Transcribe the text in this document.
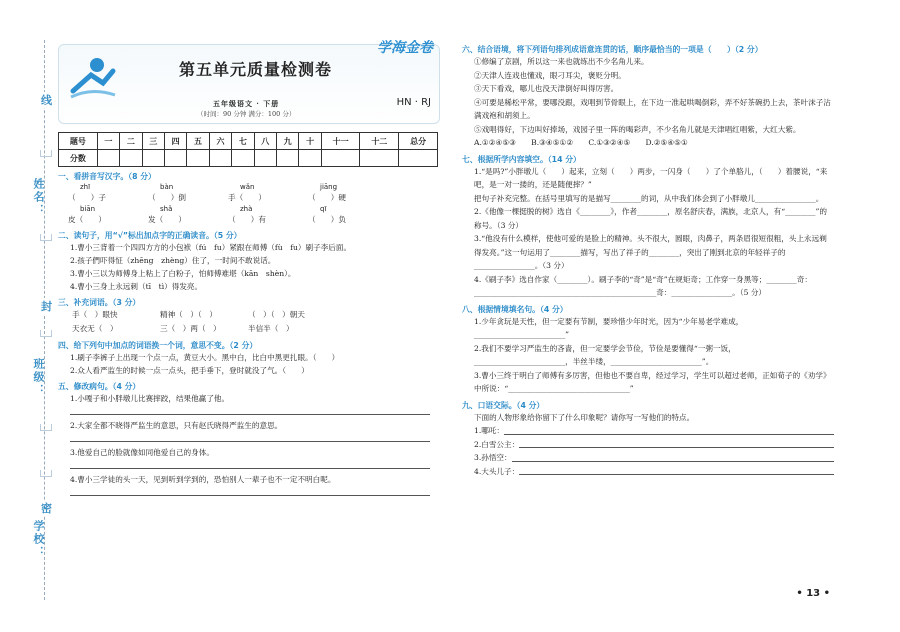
线
姓名：
封
班级：
密
学校：
学海金卷
第五单元质量检测卷
HN · RJ
五年级语文 · 下册
（时间：90 分钟 满分：100 分）
题号	一	二	三	四	五	六	七	八	九	十	十一	十二	总分
分数													
一、看拼音写汉字。（8 分）
zhī	bàn	wǎn	jiāng
（　　）子	（　　）倒	手（　　）	（　　）硬
biān	shǎ	zhà	qī
皮（　　）	发（　　）	（　　）有	（　　）负
二、读句子，用“√”标出加点字的正确读音。（5 分）
1.曹小三背着一个四四方方的小包袱（fú　fu）紧跟在师傅（fù　fu）刷子李后面。
2.孩子們吓得怔（zhēng　zhèng）住了，一时间不敢说话。
3.曹小三以为师傅身上粘上了白粉子，怕师傅难堪（kān　shèn）。
4.曹小三身上永远刺（tī　tì）得发亮。
三、补充词语。（3 分）
手（　）眼快	精神（　）（　）	（　）（　）朝天
天衣无（　）	三（　）两（　）	半信半（　）
四、给下列句中加点的词语换一个词，意思不变。（2 分）
1.刷子李裤子上出现一个点一点，黄豆大小。黑中白，比白中黑更扎眼。（　　）
2.众人看严监生的时候一点一点头，把手垂下，登时就没了气。（　　）
五、修改病句。（4 分）
1.小嘎子和小胖墩儿比赛摔跤，结果他赢了他。
2.大家全都不晓得严监生的意思，只有赵氏晓得严监生的意思。
3.他爱自己的脸就像如同他爱自己的身体。
4.曹小三学徒的头一天，见到听到学到的，恐怕别人一辈子也不一定不明白呢。
六、结合语境，将下列语句排列成语意连贯的话，顺序最恰当的一项是（　　）（2 分）
①修编了京剧，所以这一来也就练出不少名角儿来。
②天津人连戏也懂戏，眼刁耳尖，褒贬分明。
③天下看戏，哪儿也没天津倒好叫得厉害。
④可要是稀松平常，要哪没跟，戏唱到节骨眼上，在下边一准起哄喝倒彩，弄不好茶碗扔上去，茶叶沫子沾满戏袍和胡须上。
⑤戏唱得好，下边叫好捧场，戏园子里一阵的喝彩声，不少名角儿就是天津唱红唱紫，大红大紫。
A.①②④⑤③　　B.③④⑤①②　　C.①③②④⑤　　D.②⑤④⑤①
七、根据所学内容填空。（14 分）
1.“是吗?”小胖墩儿（　　）起来，立刻（　　）两步，一闪身（　　）了个单胳儿，（　　）着腰说，“来吧，是一对一搂的，还是随便摔？”
把句子补充完整。在括号里填写的是描写________的词，从中我们体会到了小胖墩儿________________。
2.《他像一棵挺脱的树》选自《________》，作者________，原名舒庆春，满族，北京人，有“________”的称号。（3 分）
3.“他没有什么模样，使他可爱的是脸上的精神。头不很大，圆眼，肉鼻子，两条眉很短很粗，头上永远剃得发亮。”这一句运用了________描写，写出了祥子的________，突出了刚到北京的年轻祥子的________________。（3 分）
4.《刷子李》选自作家（________）。刷子李的“奇”是“奇”在规矩奇；工作穿一身黑等；________奇：________________________________________________奇：________________。（5 分）
八、根据情境填名句。（4 分）
1.少年贪玩是天性，但一定要有节制，要珍惜少年时光，因为“少年易老学难成，________________________”
2.我们不要学习严监生的吝啬，但一定要学会节俭，节俭是要懂得“一粥一饭，________________________，半丝半缕，________________________”。
3.曹小三终于明白了师傅有多厉害，但他也不要自卑，经过学习，学生可以超过老师，正如荀子的《劝学》中所说：“________________________________”
九、口语交际。（4 分）
下面的人物形象给你留下了什么印象呢？请你写一写他们的特点。
1.哪吒：
2.白雪公主：
3.孙悟空：
4.大头儿子：
• 13 •
